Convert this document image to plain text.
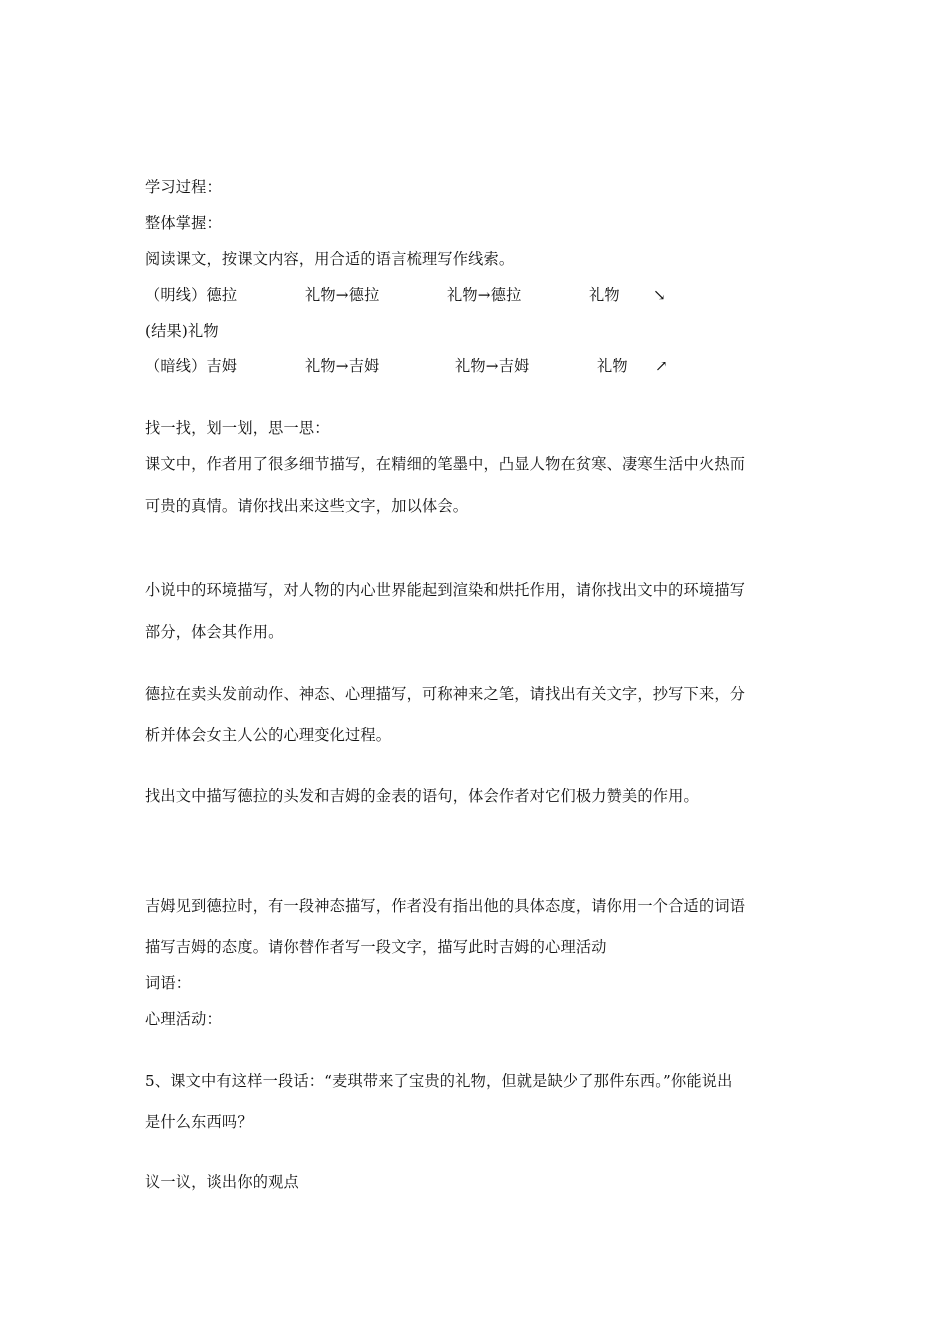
学习过程：

整体掌握：

阅读课文，按课文内容，用合适的语言梳理写作线索。

（明线）德拉	礼物→德拉	礼物→德拉	礼物 ↘

(结果)礼物

（暗线）吉姆	礼物→吉姆	礼物→吉姆	礼物 ↗

找一找，划一划，思一思：

课文中，作者用了很多细节描写，在精细的笔墨中，凸显人物在贫寒、凄寒生活中火热而

可贵的真情。请你找出来这些文字，加以体会。

小说中的环境描写，对人物的内心世界能起到渲染和烘托作用，请你找出文中的环境描写

部分，体会其作用。

德拉在卖头发前动作、神态、心理描写，可称神来之笔，请找出有关文字，抄写下来，分

析并体会女主人公的心理变化过程。

找出文中描写德拉的头发和吉姆的金表的语句，体会作者对它们极力赞美的作用。

吉姆见到德拉时，有一段神态描写，作者没有指出他的具体态度，请你用一个合适的词语

描写吉姆的态度。请你替作者写一段文字，描写此时吉姆的心理活动

词语：

心理活动：

5、课文中有这样一段话：“麦琪带来了宝贵的礼物，但就是缺少了那件东西。”你能说出

是什么东西吗？

议一议，谈出你的观点
